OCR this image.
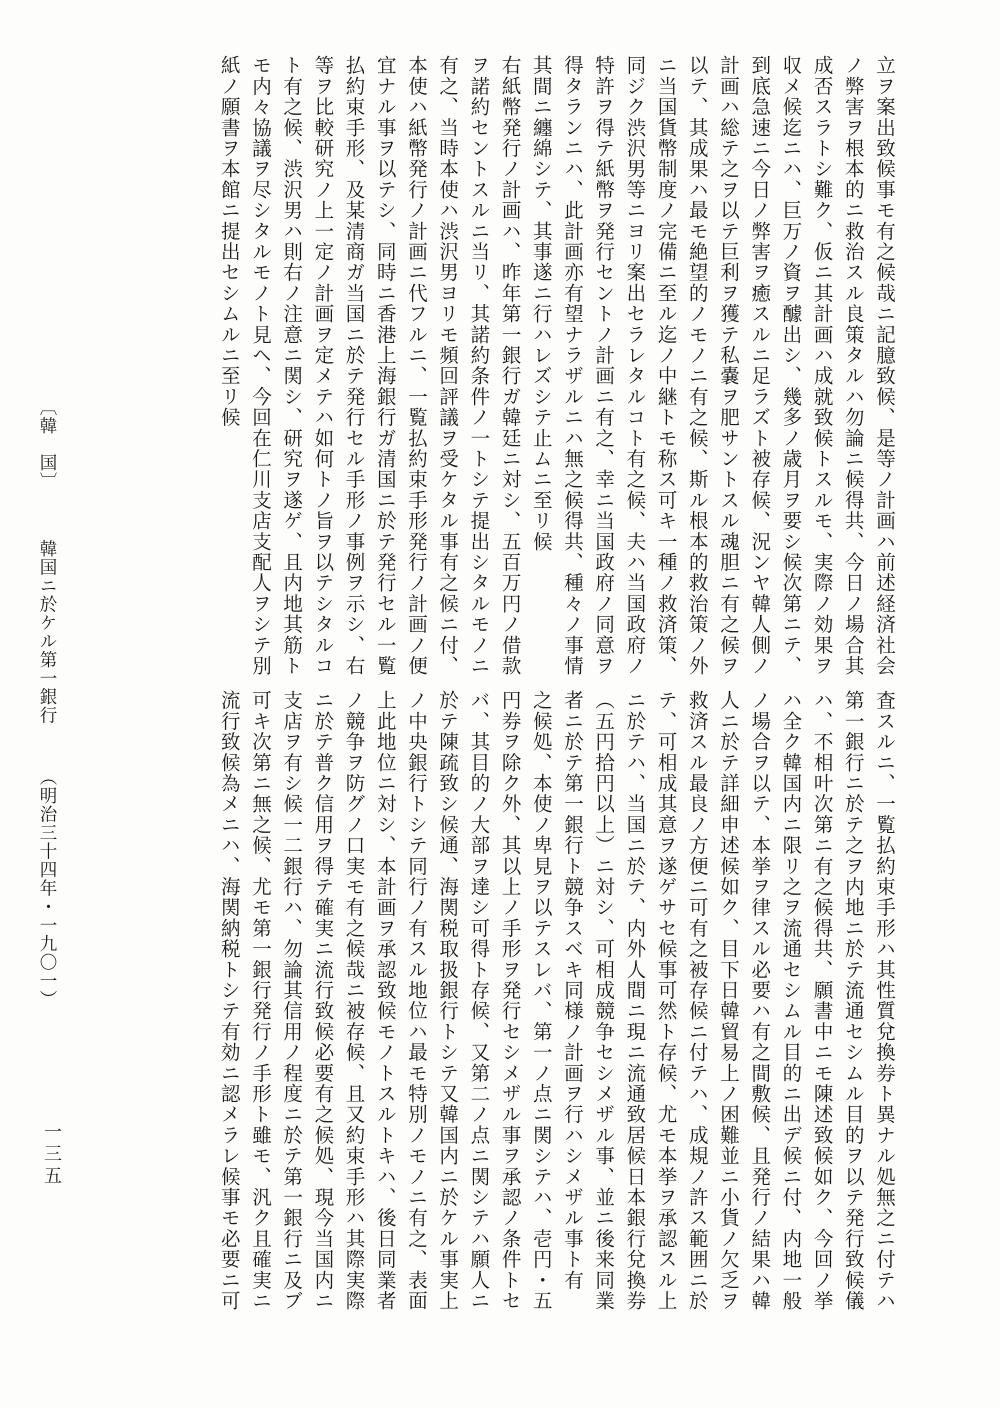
立ヲ案出致候事モ有之候哉ニ記臆致候、是等ノ計画ハ前述経済社会
ノ弊害ヲ根本的ニ救治スル良策タルハ勿論ニ候得共、今日ノ場合其
成否スラトシ難ク、仮ニ其計画ハ成就致候トスルモ、実際ノ効果ヲ
収メ候迄ニハ、巨万ノ資ヲ醵出シ、幾多ノ歳月ヲ要シ候次第ニテ、
到底急速ニ今日ノ弊害ヲ癒スルニ足ラズト被存候、況ンヤ韓人側ノ
計画ハ総テ之ヲ以テ巨利ヲ獲テ私嚢ヲ肥サントスル魂胆ニ有之候ヲ
以テ、其成果ハ最モ絶望的ノモノニ有之候、斯ル根本的救治策ノ外
ニ当国貨幣制度ノ完備ニ至ル迄ノ中継トモ称ス可キ一種ノ救済策、
同ジク渋沢男等ニヨリ案出セラレタルコト有之候、夫ハ当国政府ノ
特許ヲ得テ紙幣ヲ発行セントノ計画ニ有之、幸ニ当国政府ノ同意ヲ
得タランニハ、此計画亦有望ナラザルニハ無之候得共、種々ノ事情
其間ニ纏綿シテ、其事遂ニ行ハレズシテ止ムニ至リ候
右紙幣発行ノ計画ハ、昨年第一銀行ガ韓廷ニ対シ、五百万円ノ借款
ヲ諾約セントスルニ当リ、其諾約条件ノ一トシテ提出シタルモノニ
有之、当時本使ハ渋沢男ヨリモ頻回評議ヲ受ケタル事有之候ニ付、
本使ハ紙幣発行ノ計画ニ代フルニ、一覧払約束手形発行ノ計画ノ便
宜ナル事ヲ以テシ、同時ニ香港上海銀行ガ清国ニ於テ発行セル一覧
払約束手形、及某清商ガ当国ニ於テ発行セル手形ノ事例ヲ示シ、右
等ヲ比較研究ノ上一定ノ計画ヲ定メテハ如何トノ旨ヲ以テシタルコ
ト有之候、渋沢男ハ則右ノ注意ニ関シ、研究ヲ遂ゲ、且内地其筋ト
モ内々協議ヲ尽シタルモノト見ヘ、今回在仁川支店支配人ヲシテ別
紙ノ願書ヲ本館ニ提出セシムルニ至リ候
〔韓　国〕 韓国ニ於ケル第一銀行 （明治三十四年・一九〇一）	査スルニ、一覧払約束手形ハ其性質兌換券ト異ナル処無之ニ付テハ
第一銀行ニ於テ之ヲ内地ニ於テ流通セシムル目的ヲ以テ発行致候儀
ハ、不相叶次第ニ有之候得共、願書中ニモ陳述致候如ク、今回ノ挙
ハ全ク韓国内ニ限リ之ヲ流通セシムル目的ニ出デ候ニ付、内地一般
ノ場合ヲ以テ、本挙ヲ律スル必要ハ有之間敷候、且発行ノ結果ハ韓
人ニ於テ詳細申述候如ク、目下日韓貿易上ノ困難並ニ小貨ノ欠乏ヲ
救済スル最良ノ方便ニ可有之被存候ニ付テハ、成規ノ許ス範囲ニ於
テ、可相成其意ヲ遂ゲサセ候事可然ト存候、尤モ本挙ヲ承認スル上
ニ於テハ、当国ニ於テ、内外人間ニ現ニ流通致居候日本銀行兌換券
（五円拾円以上）ニ対シ、可相成競争セシメザル事、並ニ後来同業
者ニ於テ第一銀行ト競争スベキ同様ノ計画ヲ行ハシメザル事ト有
之候処、本使ノ卑見ヲ以テスレバ、第一ノ点ニ関シテハ、壱円・五
円券ヲ除ク外、其以上ノ手形ヲ発行セシメザル事ヲ承認ノ条件トセ
バ、其目的ノ大部ヲ達シ可得ト存候、又第二ノ点ニ関シテハ願人ニ
於テ陳疏致シ候通、海関税取扱銀行トシテ又韓国内ニ於ケル事実上
ノ中央銀行トシテ同行ノ有スル地位ハ最モ特別ノモノニ有之、表面
上此地位ニ対シ、本計画ヲ承認致候モノトスルトキハ、後日同業者
ノ競争ヲ防グノ口実モ有之候哉ニ被存候、且又約束手形ハ其際実際
ニ於テ普ク信用ヲ得テ確実ニ流行致候必要有之候処、現今当国内ニ
支店ヲ有シ候一二銀行ハ、勿論其信用ノ程度ニ於テ第一銀行ニ及ブ
可キ次第ニ無之候、尤モ第一銀行発行ノ手形ト雖モ、汎ク且確実ニ
流行致候為メニハ、海関納税トシテ有効ニ認メラレ候事モ必要ニ可
一三五
